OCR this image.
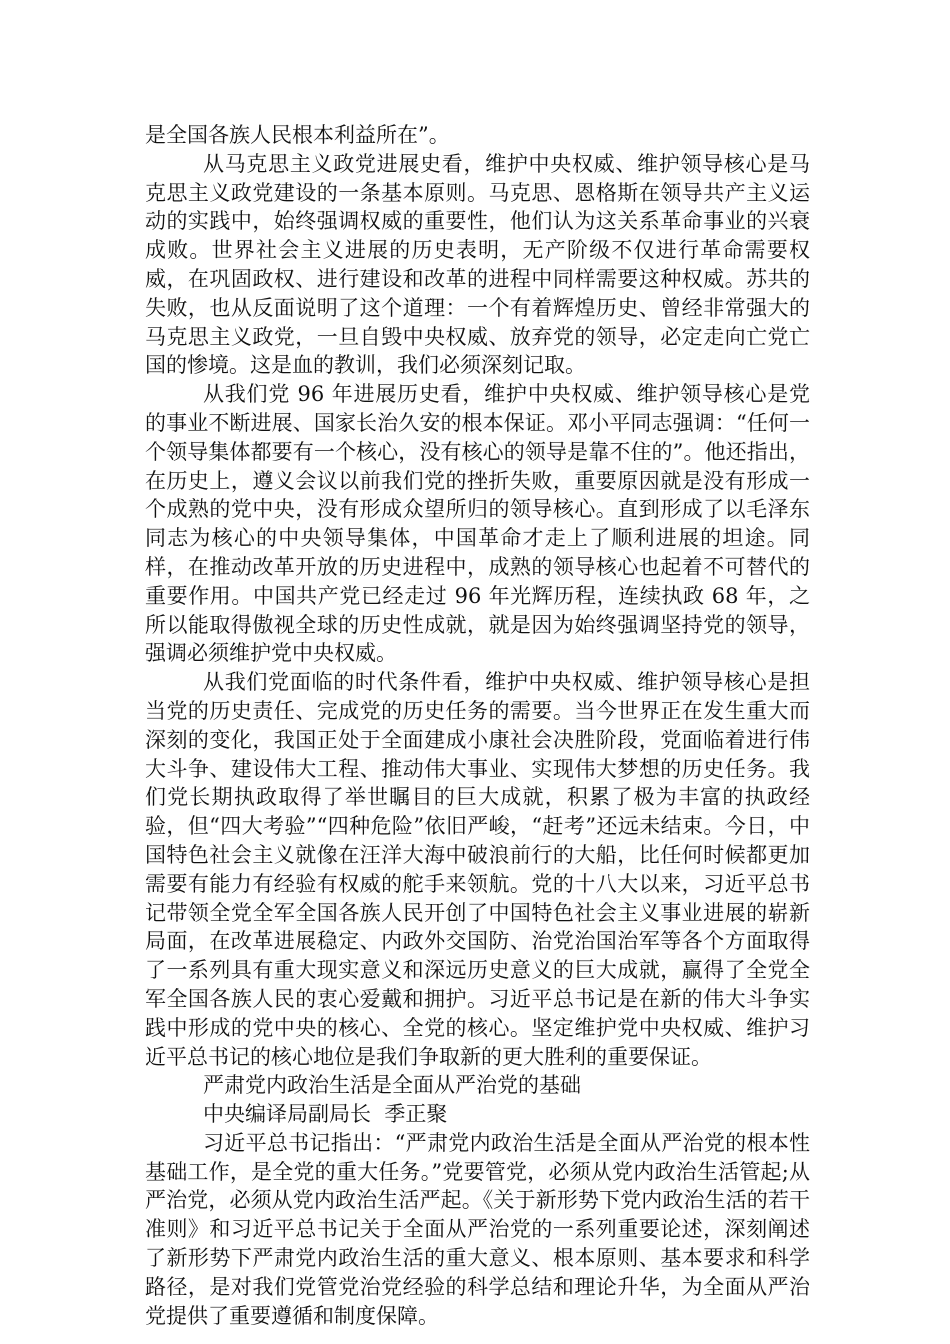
是全国各族人民根本利益所在”。

从马克思主义政党进展史看，维护中央权威、维护领导核心是马克思主义政党建设的一条基本原则。马克思、恩格斯在领导共产主义运动的实践中，始终强调权威的重要性，他们认为这关系革命事业的兴衰成败。世界社会主义进展的历史表明，无产阶级不仅进行革命需要权威，在巩固政权、进行建设和改革的进程中同样需要这种权威。苏共的失败，也从反面说明了这个道理：一个有着辉煌历史、曾经非常强大的马克思主义政党，一旦自毁中央权威、放弃党的领导，必定走向亡党亡国的惨境。这是血的教训，我们必须深刻记取。

从我们党 96 年进展历史看，维护中央权威、维护领导核心是党的事业不断进展、国家长治久安的根本保证。邓小平同志强调：“任何一个领导集体都要有一个核心，没有核心的领导是靠不住的”。他还指出，在历史上，遵义会议以前我们党的挫折失败，重要原因就是没有形成一个成熟的党中央，没有形成众望所归的领导核心。直到形成了以毛泽东同志为核心的中央领导集体，中国革命才走上了顺利进展的坦途。同样，在推动改革开放的历史进程中，成熟的领导核心也起着不可替代的重要作用。中国共产党已经走过 96 年光辉历程，连续执政 68 年，之所以能取得傲视全球的历史性成就，就是因为始终强调坚持党的领导，强调必须维护党中央权威。

从我们党面临的时代条件看，维护中央权威、维护领导核心是担当党的历史责任、完成党的历史任务的需要。当今世界正在发生重大而深刻的变化，我国正处于全面建成小康社会决胜阶段，党面临着进行伟大斗争、建设伟大工程、推动伟大事业、实现伟大梦想的历史任务。我们党长期执政取得了举世瞩目的巨大成就，积累了极为丰富的执政经验，但“四大考验”“四种危险”依旧严峻，“赶考”还远未结束。今日，中国特色社会主义就像在汪洋大海中破浪前行的大船，比任何时候都更加需要有能力有经验有权威的舵手来领航。党的十八大以来，习近平总书记带领全党全军全国各族人民开创了中国特色社会主义事业进展的崭新局面，在改革进展稳定、内政外交国防、治党治国治军等各个方面取得了一系列具有重大现实意义和深远历史意义的巨大成就，赢得了全党全军全国各族人民的衷心爱戴和拥护。习近平总书记是在新的伟大斗争实践中形成的党中央的核心、全党的核心。坚定维护党中央权威、维护习近平总书记的核心地位是我们争取新的更大胜利的重要保证。

严肃党内政治生活是全面从严治党的基础

中央编译局副局长  季正聚

习近平总书记指出：“严肃党内政治生活是全面从严治党的根本性基础工作，是全党的重大任务。”党要管党，必须从党内政治生活管起;从严治党，必须从党内政治生活严起。《关于新形势下党内政治生活的若干准则》和习近平总书记关于全面从严治党的一系列重要论述，深刻阐述了新形势下严肃党内政治生活的重大意义、根本原则、基本要求和科学路径，是对我们党管党治党经验的科学总结和理论升华，为全面从严治党提供了重要遵循和制度保障。
